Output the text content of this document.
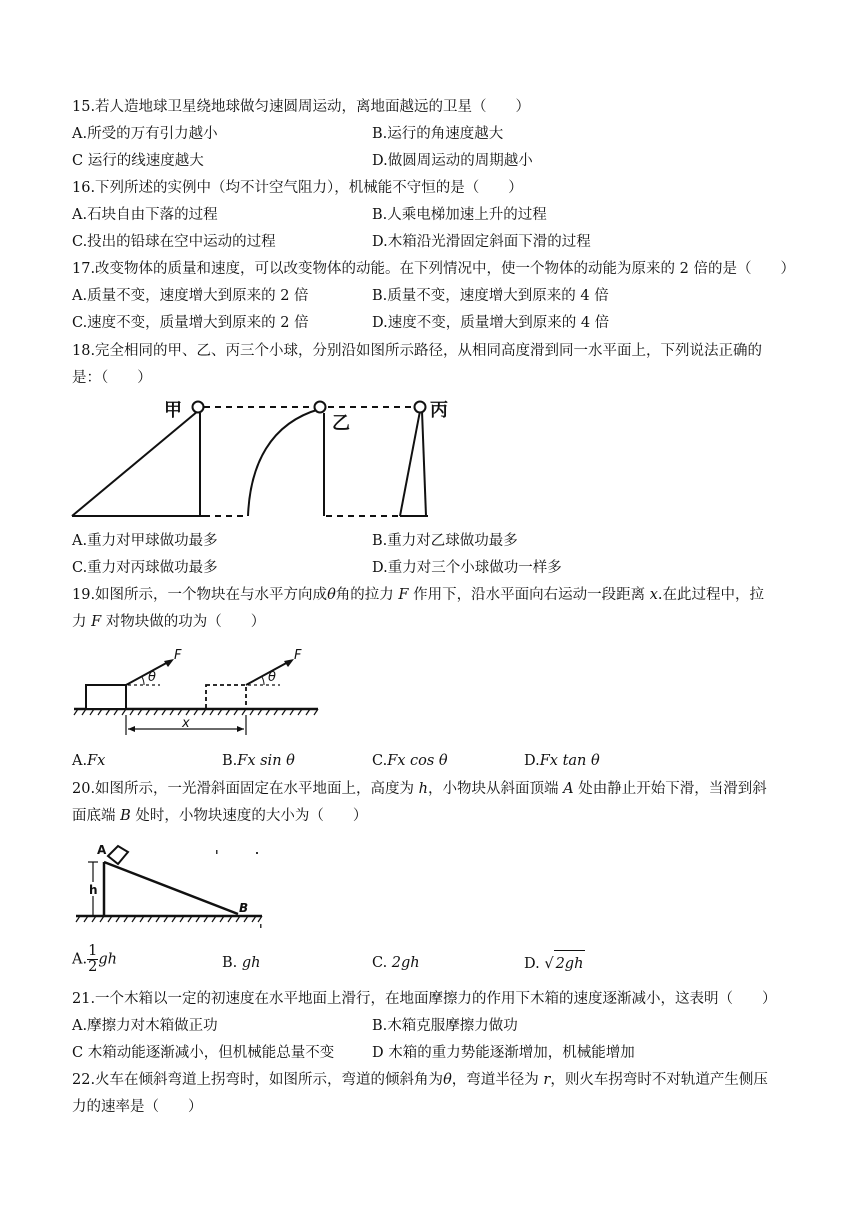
15.若人造地球卫星绕地球做匀速圆周运动，离地面越远的卫星（　　）
A.所受的万有引力越小	B.运行的角速度越大
C 运行的线速度越大	D.做圆周运动的周期越小
16.下列所述的实例中（均不计空气阻力），机械能不守恒的是（　　）
A.石块自由下落的过程	B.人乘电梯加速上升的过程
C.投出的铅球在空中运动的过程	D.木箱沿光滑固定斜面下滑的过程
17.改变物体的质量和速度，可以改变物体的动能。在下列情况中，使一个物体的动能为原来的 2 倍的是（　　）
A.质量不变，速度增大到原来的 2 倍	B.质量不变，速度增大到原来的 4 倍
C.速度不变，质量增大到原来的 2 倍	D.速度不变，质量增大到原来的 4 倍
18.完全相同的甲、乙、丙三个小球，分别沿如图所示路径，从相同高度滑到同一水平面上，下列说法正确的
是：（　　）
甲
乙
丙
A.重力对甲球做功最多	B.重力对乙球做功最多
C.重力对丙球做功最多	D.重力对三个小球做功一样多
19.如图所示，一个物块在与水平方向成θ角的拉力 F 作用下，沿水平面向右运动一段距离 x.在此过程中，拉
力 F 对物块做的功为（　　）
θ
F
θ
F
x
A.Fx	B.Fx sin θ	C.Fx cos θ	D.Fx tan θ
20.如图所示，一光滑斜面固定在水平地面上，高度为 h，小物块从斜面顶端 A 处由静止开始下滑，当滑到斜
面底端 B 处时，小物块速度的大小为（　　）
A
B
h
A. $\frac{1}{2}$ gh	B. gh	C. 2gh	D. √ 2gh
21.一个木箱以一定的初速度在水平地面上滑行，在地面摩擦力的作用下木箱的速度逐渐减小，这表明（　　）
A.摩擦力对木箱做正功	B.木箱克服摩擦力做功
C 木箱动能逐渐减小，但机械能总量不变	D 木箱的重力势能逐渐增加，机械能增加
22.火车在倾斜弯道上拐弯时，如图所示，弯道的倾斜角为θ，弯道半径为 r，则火车拐弯时不对轨道产生侧压
力的速率是（　　）
